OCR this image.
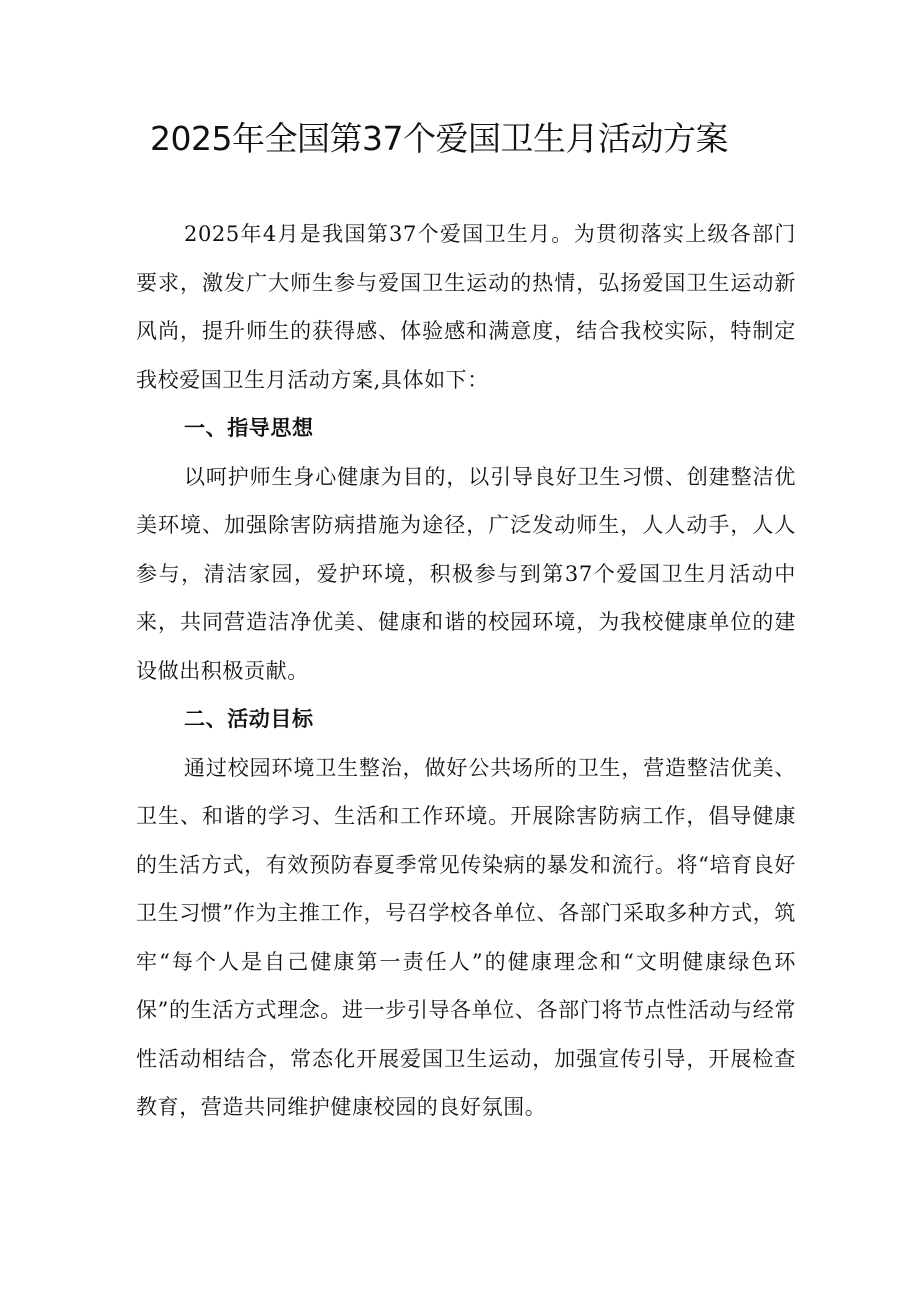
2025年全国第37个爱国卫生月活动方案

2025年4月是我国第37个爱国卫生月。为贯彻落实上级各部门要求，激发广大师生参与爱国卫生运动的热情，弘扬爱国卫生运动新风尚，提升师生的获得感、体验感和满意度，结合我校实际，特制定我校爱国卫生月活动方案,具体如下：

一、指导思想

以呵护师生身心健康为目的，以引导良好卫生习惯、创建整洁优美环境、加强除害防病措施为途径，广泛发动师生，人人动手，人人参与，清洁家园，爱护环境，积极参与到第37个爱国卫生月活动中来，共同营造洁净优美、健康和谐的校园环境，为我校健康单位的建设做出积极贡献。

二、活动目标

通过校园环境卫生整治，做好公共场所的卫生，营造整洁优美、卫生、和谐的学习、生活和工作环境。开展除害防病工作，倡导健康的生活方式，有效预防春夏季常见传染病的暴发和流行。将“培育良好卫生习惯”作为主推工作，号召学校各单位、各部门采取多种方式，筑牢“每个人是自己健康第一责任人”的健康理念和“文明健康绿色环保”的生活方式理念。进一步引导各单位、各部门将节点性活动与经常性活动相结合，常态化开展爱国卫生运动，加强宣传引导，开展检查教育，营造共同维护健康校园的良好氛围。
